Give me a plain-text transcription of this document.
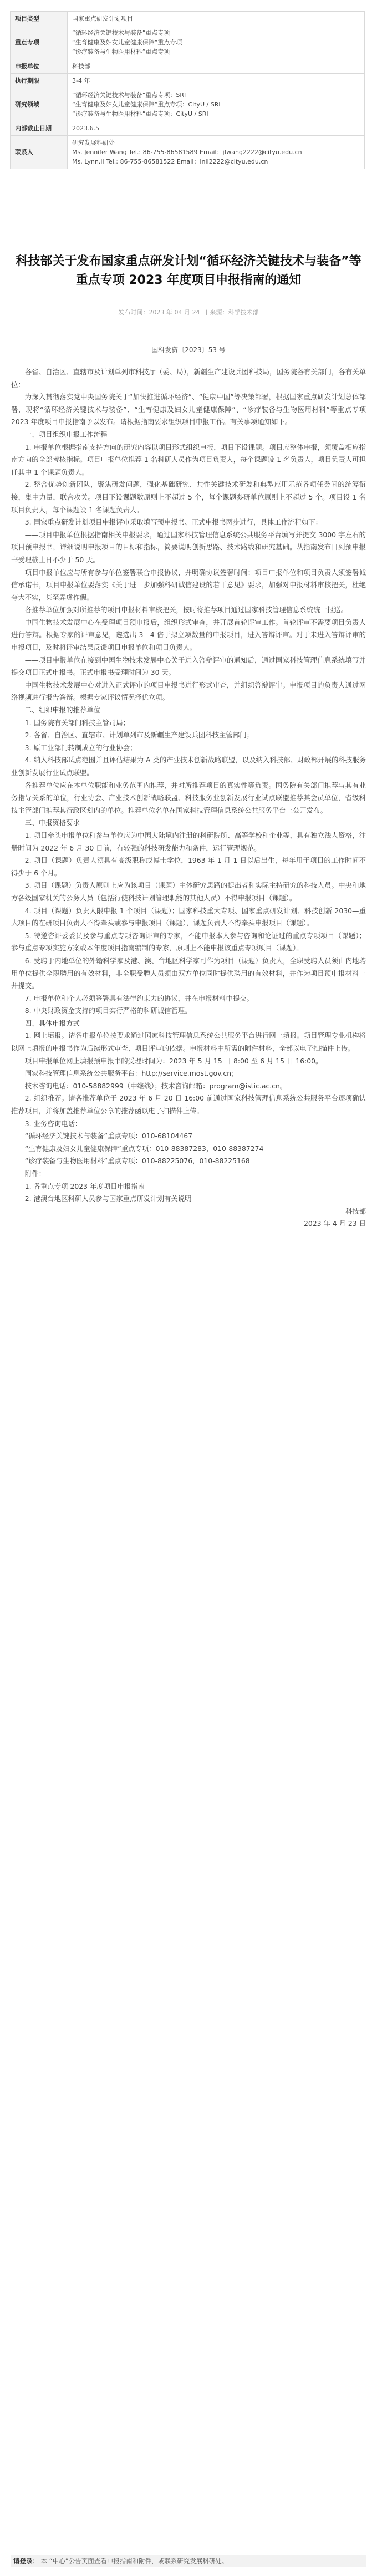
项目类型	国家重点研发计划项目

重点专项	“循环经济关键技术与装备”重点专项
“生育健康及妇女儿童健康保障”重点专项
“诊疗装备与生物医用材料”重点专项

申报单位	科技部

执行期限	3-4 年

研究领域	“循环经济关键技术与装备”重点专项：SRI
“生育健康及妇女儿童健康保障”重点专项：CityU / SRI
“诊疗装备与生物医用材料”重点专项：CityU / SRI

内部截止日期	2023.6.5

联系人	研究发展科研处
Ms. Jennifer Wang Tel.: 86-755-86581589 Email：jfwang2222@cityu.edu.cn
Ms. Lynn.Ii Tel.: 86-755-86581522 Email：lnIi2222@cityu.edu.cn
科技部关于发布国家重点研发计划“循环经济关键技术与装备”等重点专项 2023 年度项目申报指南的通知
发布时间：2023 年 04 月 24 日 来源：科学技术部
国科发资〔2023〕53 号

各省、自治区、直辖市及计划单列市科技厅（委、局），新疆生产建设兵团科技局，国务院各有关部门，各有关单位：

为深入贯彻落实党中央国务院关于“加快推进循环经济”、“健康中国”等决策部署，根据国家重点研发计划总体部署，现将“循环经济关键技术与装备”、“生育健康及妇女儿童健康保障”、“诊疗装备与生物医用材料”等重点专项 2023 年度项目申报指南予以发布。请根据指南要求组织项目申报工作。有关事项通知如下。

一、项目组织申报工作流程

1. 申报单位根据指南支持方向的研究内容以项目形式组织申报，项目下设课题。项目应整体申报，须覆盖相应指南方向的全部考核指标。项目申报单位推荐 1 名科研人员作为项目负责人，每个课题设 1 名负责人，项目负责人可担任其中 1 个课题负责人。

2. 整合优势创新团队，聚焦研发问题，强化基础研究、共性关键技术研发和典型应用示范各项任务间的统筹衔接，集中力量，联合攻关。项目下设课题数原则上不超过 5 个，每个课题参研单位原则上不超过 5 个。项目设 1 名项目负责人，每个课题设 1 名课题负责人。

3. 国家重点研发计划项目申报评审采取填写预申报书、正式申报书两步进行，具体工作流程如下：

——项目申报单位根据指南相关申报要求，通过国家科技管理信息系统公共服务平台填写并提交 3000 字左右的项目预申报书，详细说明申报项目的目标和指标，简要说明创新思路、技术路线和研究基础。从指南发布日到预申报书受理截止日不少于 50 天。

项目申报单位应与所有参与单位签署联合申报协议，并明确协议签署时间；项目申报单位和项目负责人须签署诚信承诺书，项目申报单位要落实《关于进一步加强科研诚信建设的若干意见》要求，加强对申报材料审核把关，杜绝夸大不实，甚至弄虚作假。

各推荐单位加强对所推荐的项目申报材料审核把关，按时将推荐项目通过国家科技管理信息系统统一报送。

中国生物技术发展中心在受理项目预申报后，组织形式审查，并开展首轮评审工作。首轮评审不需要项目负责人进行答辩。根据专家的评审意见，遴选出 3—4 倍于拟立项数量的申报项目，进入答辩评审。对于未进入答辩评审的申报项目，及时将评审结果反馈项目申报单位和项目负责人。

——项目申报单位在接到中国生物技术发展中心关于进入答辩评审的通知后，通过国家科技管理信息系统填写并提交项目正式申报书。正式申报书受理时间为 30 天。

中国生物技术发展中心对进入正式评审的项目申报书进行形式审查，并组织答辩评审。申报项目的负责人通过网络视频进行报告答辩。根据专家评议情况择优立项。

二、组织申报的推荐单位

1. 国务院有关部门科技主管司局；

2. 各省、自治区、直辖市、计划单列市及新疆生产建设兵团科技主管部门；

3. 原工业部门转制成立的行业协会；

4. 纳入科技部试点范围并且评估结果为 A 类的产业技术创新战略联盟，以及纳入科技部、财政部开展的科技服务业创新发展行业试点联盟。

各推荐单位应在本单位职能和业务范围内推荐，并对所推荐项目的真实性等负责。国务院有关部门推荐与其有业务指导关系的单位，行业协会、产业技术创新战略联盟、科技服务业创新发展行业试点联盟推荐其会员单位，省级科技主管部门推荐其行政区划内的单位。推荐单位名单在国家科技管理信息系统公共服务平台上公开发布。

三、申报资格要求

1. 项目牵头申报单位和参与单位应为中国大陆境内注册的科研院所、高等学校和企业等，具有独立法人资格，注册时间为 2022 年 6 月 30 日前，有较强的科技研发能力和条件，运行管理规范。

2. 项目（课题）负责人须具有高级职称或博士学位，1963 年 1 月 1 日以后出生，每年用于项目的工作时间不得少于 6 个月。

3. 项目（课题）负责人原则上应为该项目（课题）主体研究思路的提出者和实际主持研究的科技人员。中央和地方各级国家机关的公务人员（包括行使科技计划管理职能的其他人员）不得申报项目（课题）。

4. 项目（课题）负责人限申报 1 个项目（课题）；国家科技重大专项、国家重点研发计划、科技创新 2030—重大项目的在研项目负责人不得牵头或参与申报项目（课题），课题负责人不得牵头申报项目（课题）。

5. 特邀咨评委委员及参与重点专项咨询评审的专家，不能申报本人参与咨询和论证过的重点专项项目（课题）；参与重点专项实施方案或本年度项目指南编制的专家，原则上不能申报该重点专项项目（课题）。

6. 受聘于内地单位的外籍科学家及港、澳、台地区科学家可作为项目（课题）负责人，全职受聘人员须由内地聘用单位提供全职聘用的有效材料，非全职受聘人员须由双方单位同时提供聘用的有效材料，并作为项目预申报材料一并提交。

7. 申报单位和个人必须签署具有法律约束力的协议，并在申报材料中提交。

8. 中央财政资金支持的项目实行严格的科研诚信管理。

四、具体申报方式

1. 网上填报。请各申报单位按要求通过国家科技管理信息系统公共服务平台进行网上填报。项目管理专业机构将以网上填报的申报书作为后续形式审查、项目评审的依据。申报材料中所需的附件材料，全部以电子扫描件上传。

项目申报单位网上填报预申报书的受理时间为：2023 年 5 月 15 日 8:00 至 6 月 15 日 16:00。

国家科技管理信息系统公共服务平台：http://service.most.gov.cn；

技术咨询电话：010-58882999（中继线）；技术咨询邮箱：program@istic.ac.cn。

2. 组织推荐。请各推荐单位于 2023 年 6 月 20 日 16:00 前通过国家科技管理信息系统公共服务平台逐项确认推荐项目，并将加盖推荐单位公章的推荐函以电子扫描件上传。

3. 业务咨询电话：

“循环经济关键技术与装备”重点专项：010-68104467

“生育健康及妇女儿童健康保障”重点专项：010-88387283，010-88387274

“诊疗装备与生物医用材料”重点专项：010-88225076，010-88225168

附件：

1. 各重点专项 2023 年度项目申报指南

2. 港澳台地区科研人员参与国家重点研发计划有关说明

科技部

2023 年 4 月 23 日

请登录： 本 “中心”公告页面查看申报指南和附件，或联系研究发展科研处。
